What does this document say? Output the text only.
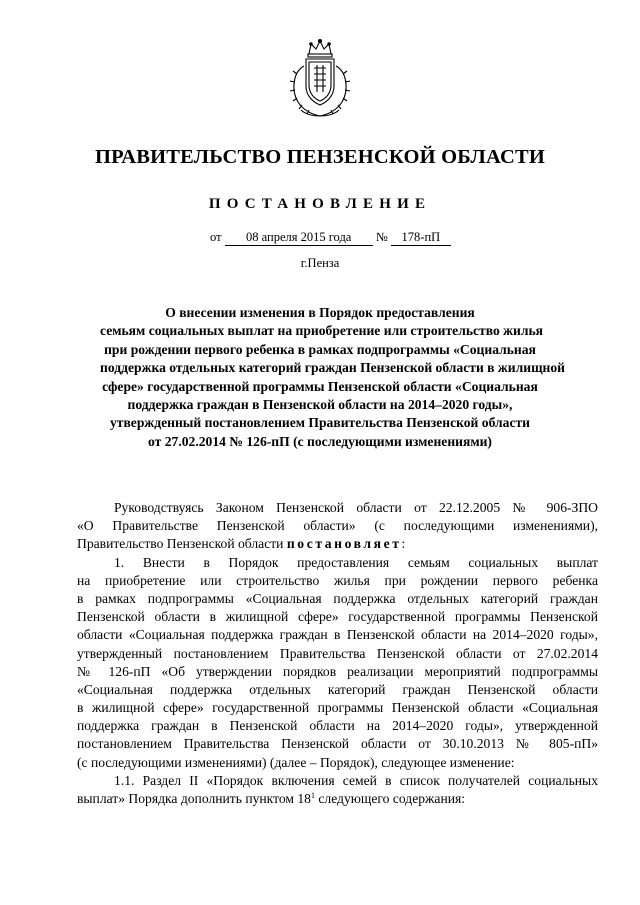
ПРАВИТЕЛЬСТВО ПЕНЗЕНСКОЙ ОБЛАСТИ
ПОСТАНОВЛЕНИЕ
от 08 апреля 2015 года № 178-пП
г.Пенза
О внесении изменения в Порядок предоставления
семьям социальных выплат на приобретение или строительство жилья
при рождении первого ребенка в рамках подпрограммы «Социальная
поддержка отдельных категорий граждан Пензенской области в жилищной
сфере» государственной программы Пензенской области «Социальная
поддержка граждан в Пензенской области на 2014–2020 годы»,
утвержденный постановлением Правительства Пензенской области
от 27.02.2014 № 126-пП (с последующими изменениями)
Руководствуясь Законом Пензенской области от 22.12.2005 № 906-ЗПО
«О Правительстве Пензенской области» (с последующими изменениями),
Правительство Пензенской области постановляет:
1. Внести в Порядок предоставления семьям социальных выплат
на приобретение или строительство жилья при рождении первого ребенка
в рамках подпрограммы «Социальная поддержка отдельных категорий граждан
Пензенской области в жилищной сфере» государственной программы Пензенской
области «Социальная поддержка граждан в Пензенской области на 2014–2020 годы»,
утвержденный постановлением Правительства Пензенской области от 27.02.2014
№ 126-пП «Об утверждении порядков реализации мероприятий подпрограммы
«Социальная поддержка отдельных категорий граждан Пензенской области
в жилищной сфере» государственной программы Пензенской области «Социальная
поддержка граждан в Пензенской области на 2014–2020 годы», утвержденной
постановлением Правительства Пензенской области от 30.10.2013 № 805-пП»
(с последующими изменениями) (далее – Порядок), следующее изменение:
1.1. Раздел II «Порядок включения семей в список получателей социальных
выплат» Порядка дополнить пунктом $18^1$ следующего содержания:
